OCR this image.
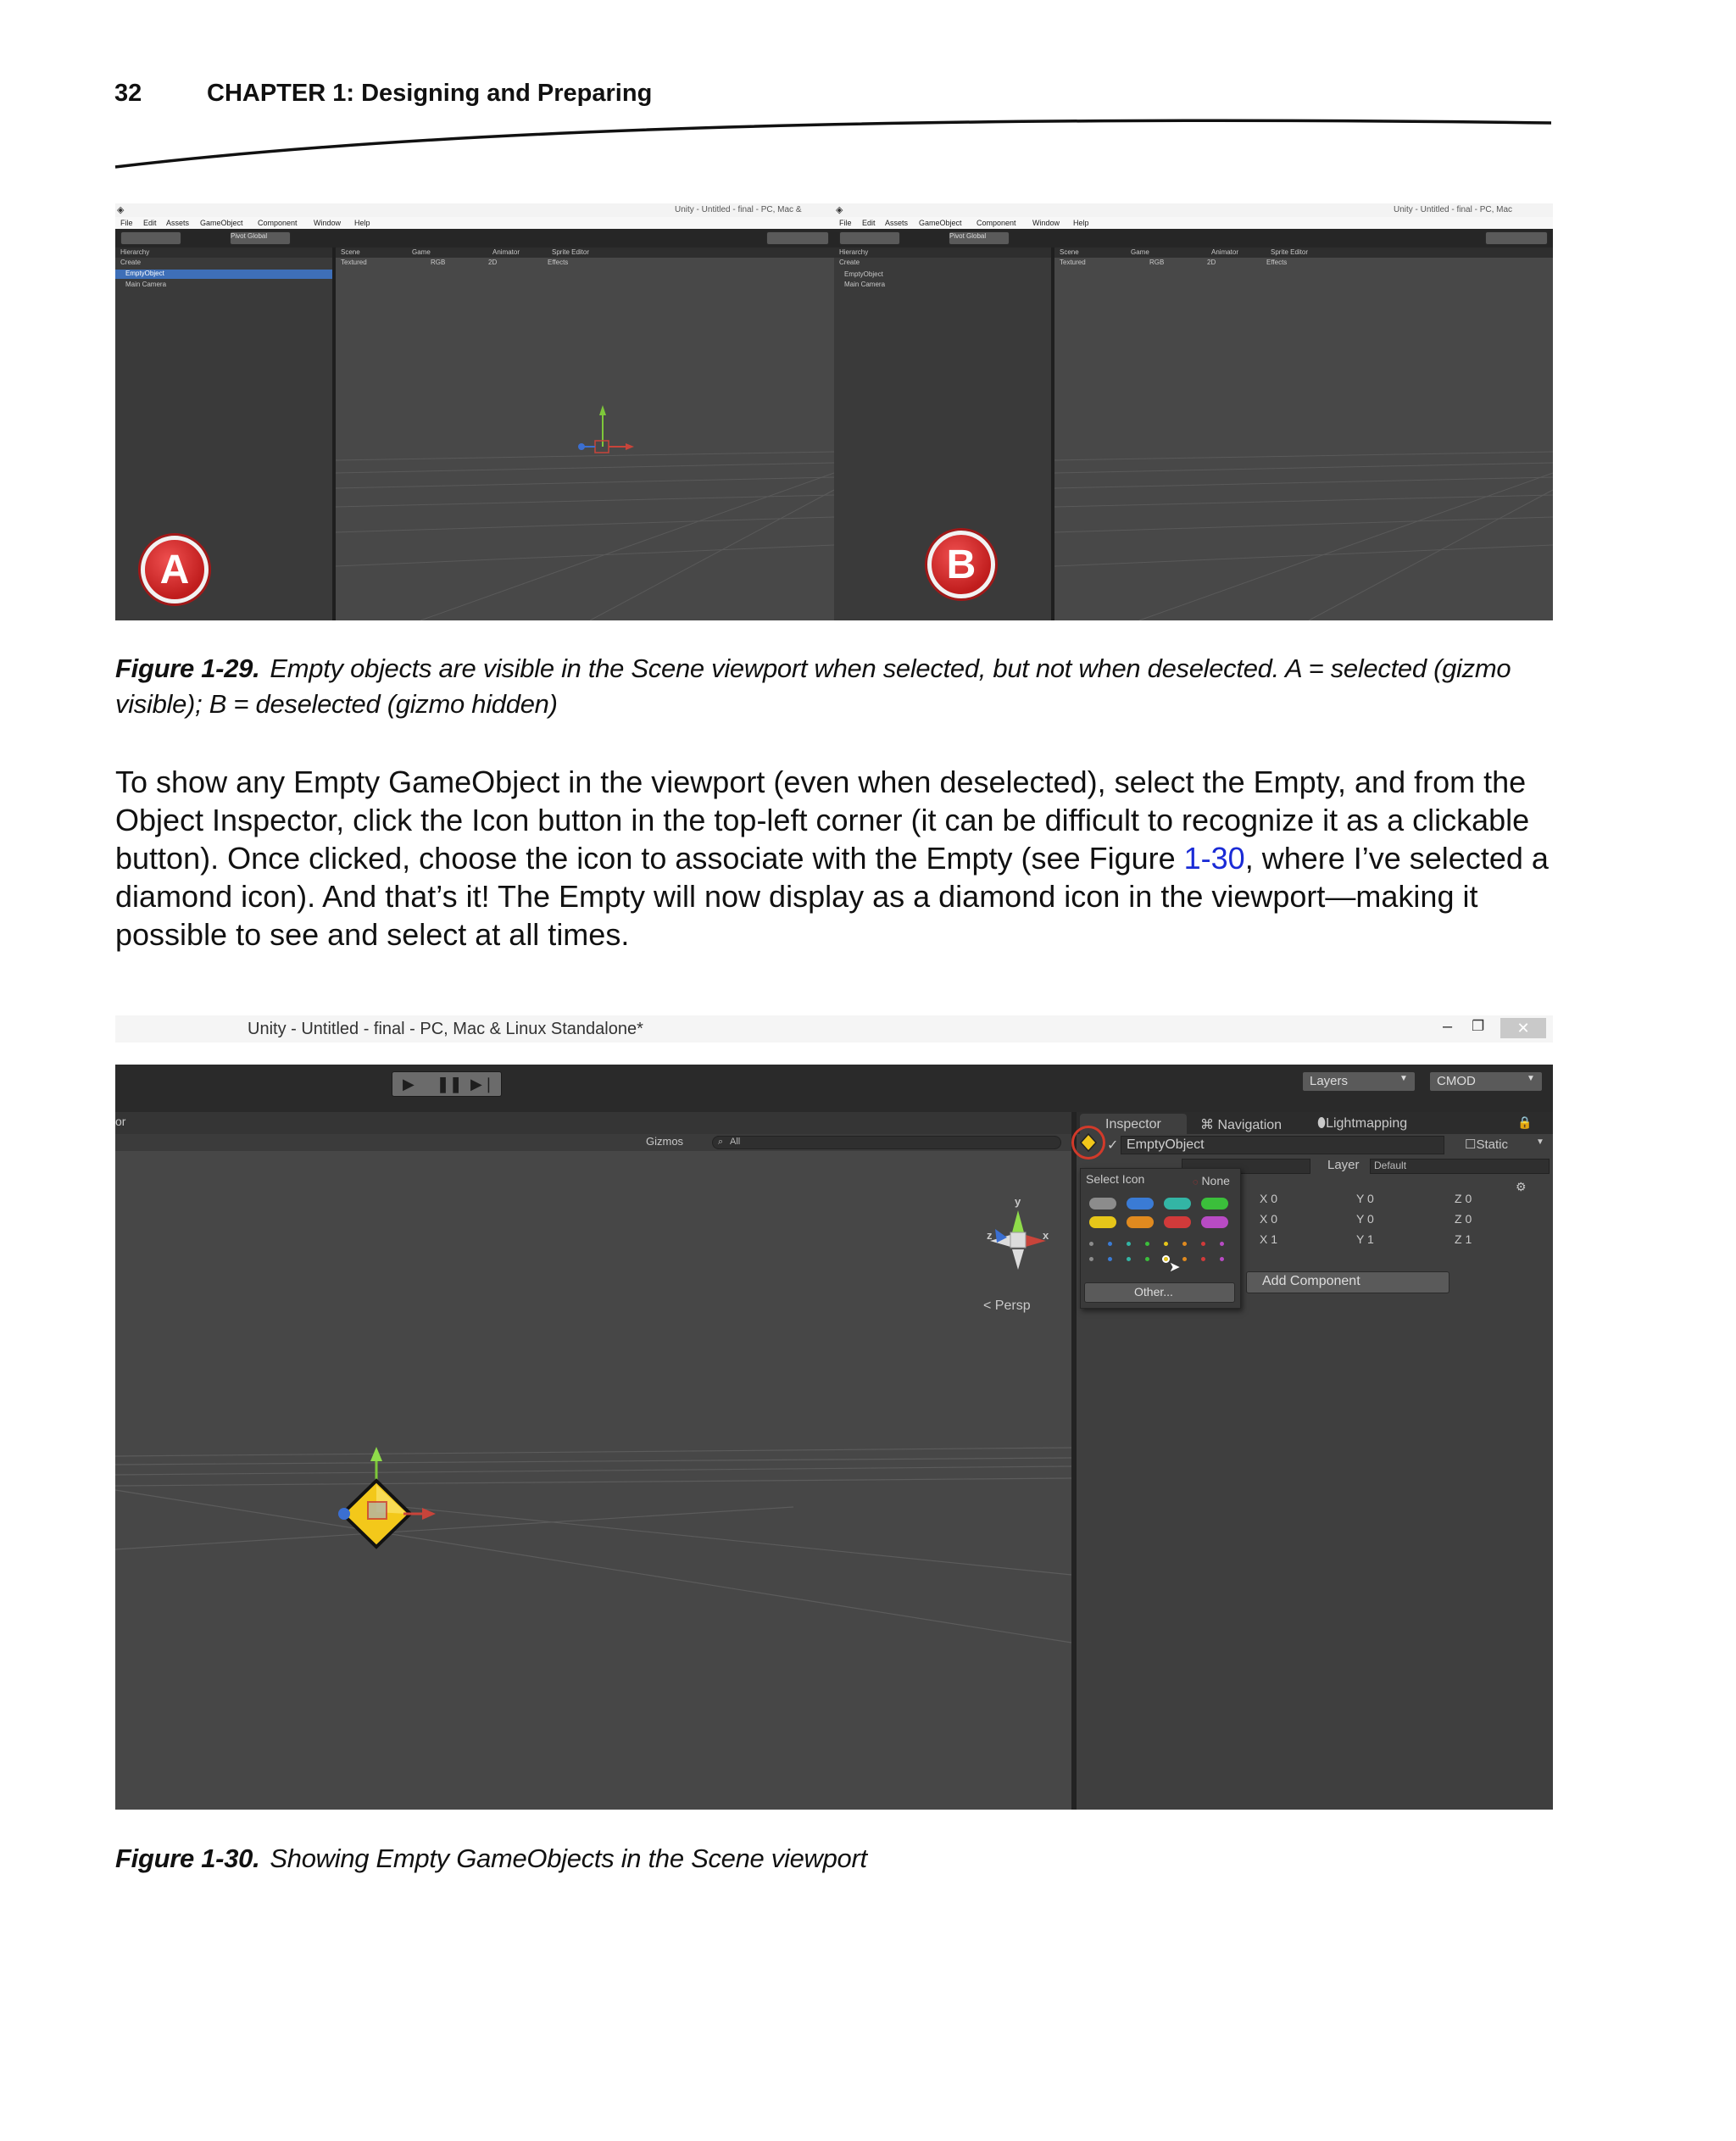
32	CHAPTER 1: Designing and Preparing
◈	Unity - Untitled - final - PC, Mac &
File Edit Assets GameObject Component Window Help
Pivot Global
Hierarchy
Create
EmptyObject
Main Camera
Scene	Game	Animator	Sprite Editor
Textured	RGB	2D	Effects
A
◈	Unity - Untitled - final - PC, Mac
File Edit Assets GameObject Component Window Help
Pivot Global
Hierarchy
Create
EmptyObject
Main Camera
Scene	Game	Animator	Sprite Editor
Textured	RGB	2D	Effects
B
Figure 1-29. Empty objects are visible in the Scene viewport when selected, but not when deselected. A = selected (gizmo visible); B = deselected (gizmo hidden)
To show any Empty GameObject in the viewport (even when deselected), select the Empty, and from the Object Inspector, click the Icon button in the top-left corner (it can be difficult to recognize it as a clickable button). Once clicked, choose the icon to associate with the Empty (see Figure 1-30, where I’ve selected a diamond icon). And that’s it! The Empty will now display as a diamond icon in the viewport—making it possible to see and select at all times.
Unity - Untitled - final - PC, Mac & Linux Standalone*	– ❐	✕
▶ ❚❚ ▶❘	Layers	▼ CMOD	▼
or
Gizmos	⌕ All
y
x
z
< Persp
Inspector	⌘ Navigation	⬮Lightmapping	🔒
✓ EmptyObject	☐Static	▼
Layer Default
⚙
X 0	Y 0	Z 0
X 0	Y 0	Z 0
X 1	Y 1	Z 1
Add Component
Select Icon	◌ None
➤
Other...
Figure 1-30. Showing Empty GameObjects in the Scene viewport
